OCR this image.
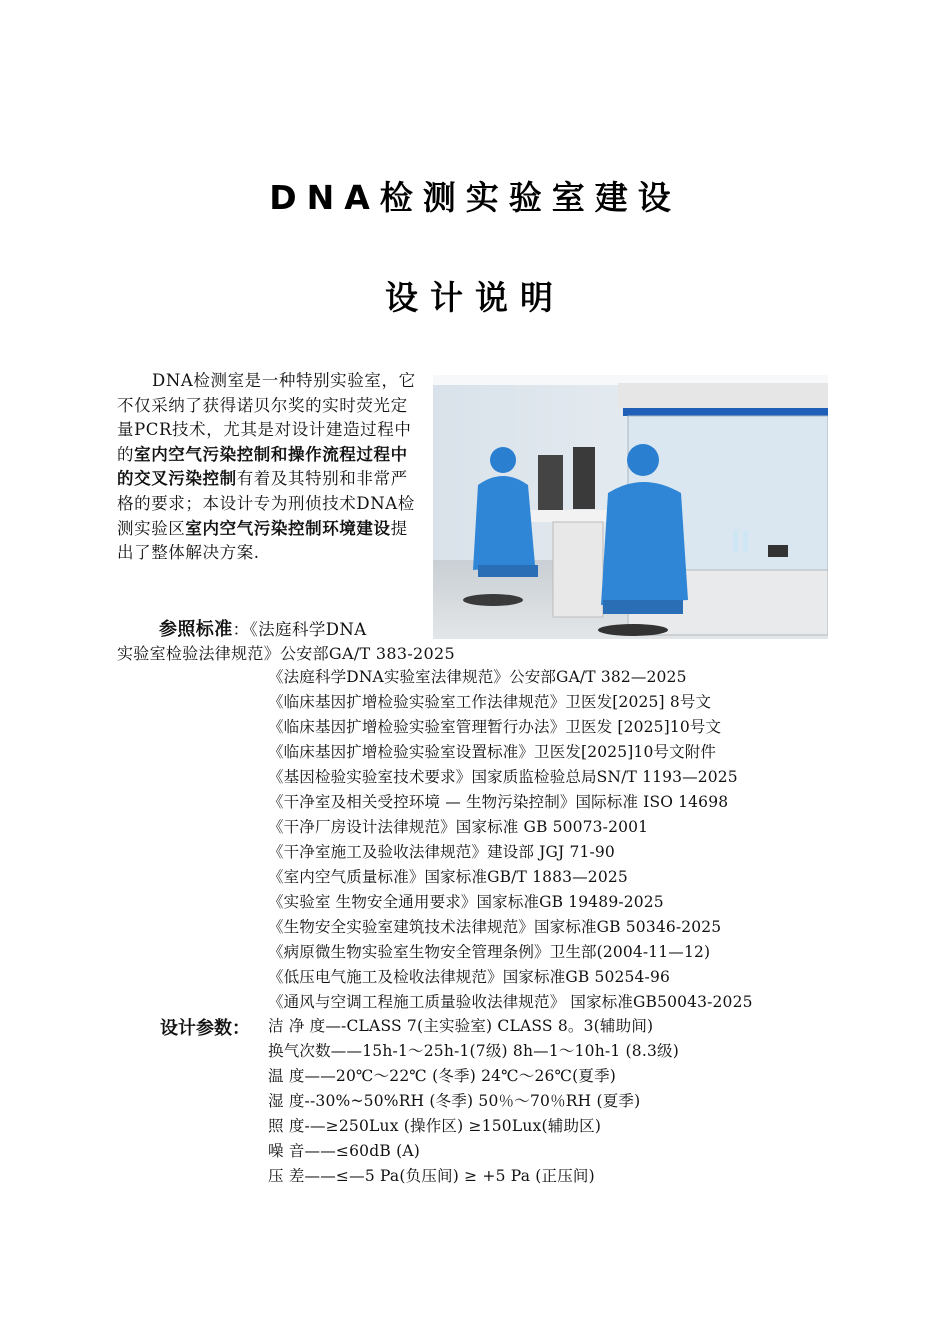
DNA检测实验室建设
设计说明
DNA检测室是一种特别实验室，它不仅采纳了获得诺贝尔奖的实时荧光定量PCR技术，尤其是对设计建造过程中的室内空气污染控制和操作流程过程中的交叉污染控制有着及其特别和非常严格的要求；本设计专为刑侦技术DNA检测实验区室内空气污染控制环境建设提出了整体解决方案.
参照标准：《法庭科学DNA
实验室检验法律规范》公安部GA/T 383-2025
《法庭科学DNA实验室法律规范》公安部GA/T 382—2025
《临床基因扩增检验实验室工作法律规范》卫医发[2025] 8号文
《临床基因扩增检验实验室管理暂行办法》卫医发 [2025]10号文
《临床基因扩增检验实验室设置标准》卫医发[2025]10号文附件
《基因检验实验室技术要求》国家质监检验总局SN/T 1193—2025
《干净室及相关受控环境 — 生物污染控制》国际标准 ISO 14698
《干净厂房设计法律规范》国家标准 GB 50073-2001
《干净室施工及验收法律规范》建设部 JGJ 71-90
《室内空气质量标准》国家标准GB/T 1883—2025
《实验室 生物安全通用要求》国家标准GB 19489-2025
《生物安全实验室建筑技术法律规范》国家标准GB 50346-2025
《病原微生物实验室生物安全管理条例》卫生部(2004-11—12)
《低压电气施工及检收法律规范》国家标准GB 50254-96
《通风与空调工程施工质量验收法律规范》 国家标准GB50043-2025
设计参数： 洁 净 度—-CLASS 7(主实验室) CLASS 8。3(辅助间)
换气次数——15h-1～25h-1(7级) 8h—1～10h-1 (8.3级)
温 度——20℃～22℃ (冬季) 24℃～26℃(夏季)
湿 度--30%~50%RH (冬季) 50％～70％RH (夏季)
照 度-—≥250Lux (操作区) ≥150Lux(辅助区)
噪 音——≤60dB (A)
压 差——≤—5 Pa(负压间) ≥ +5 Pa (正压间)
